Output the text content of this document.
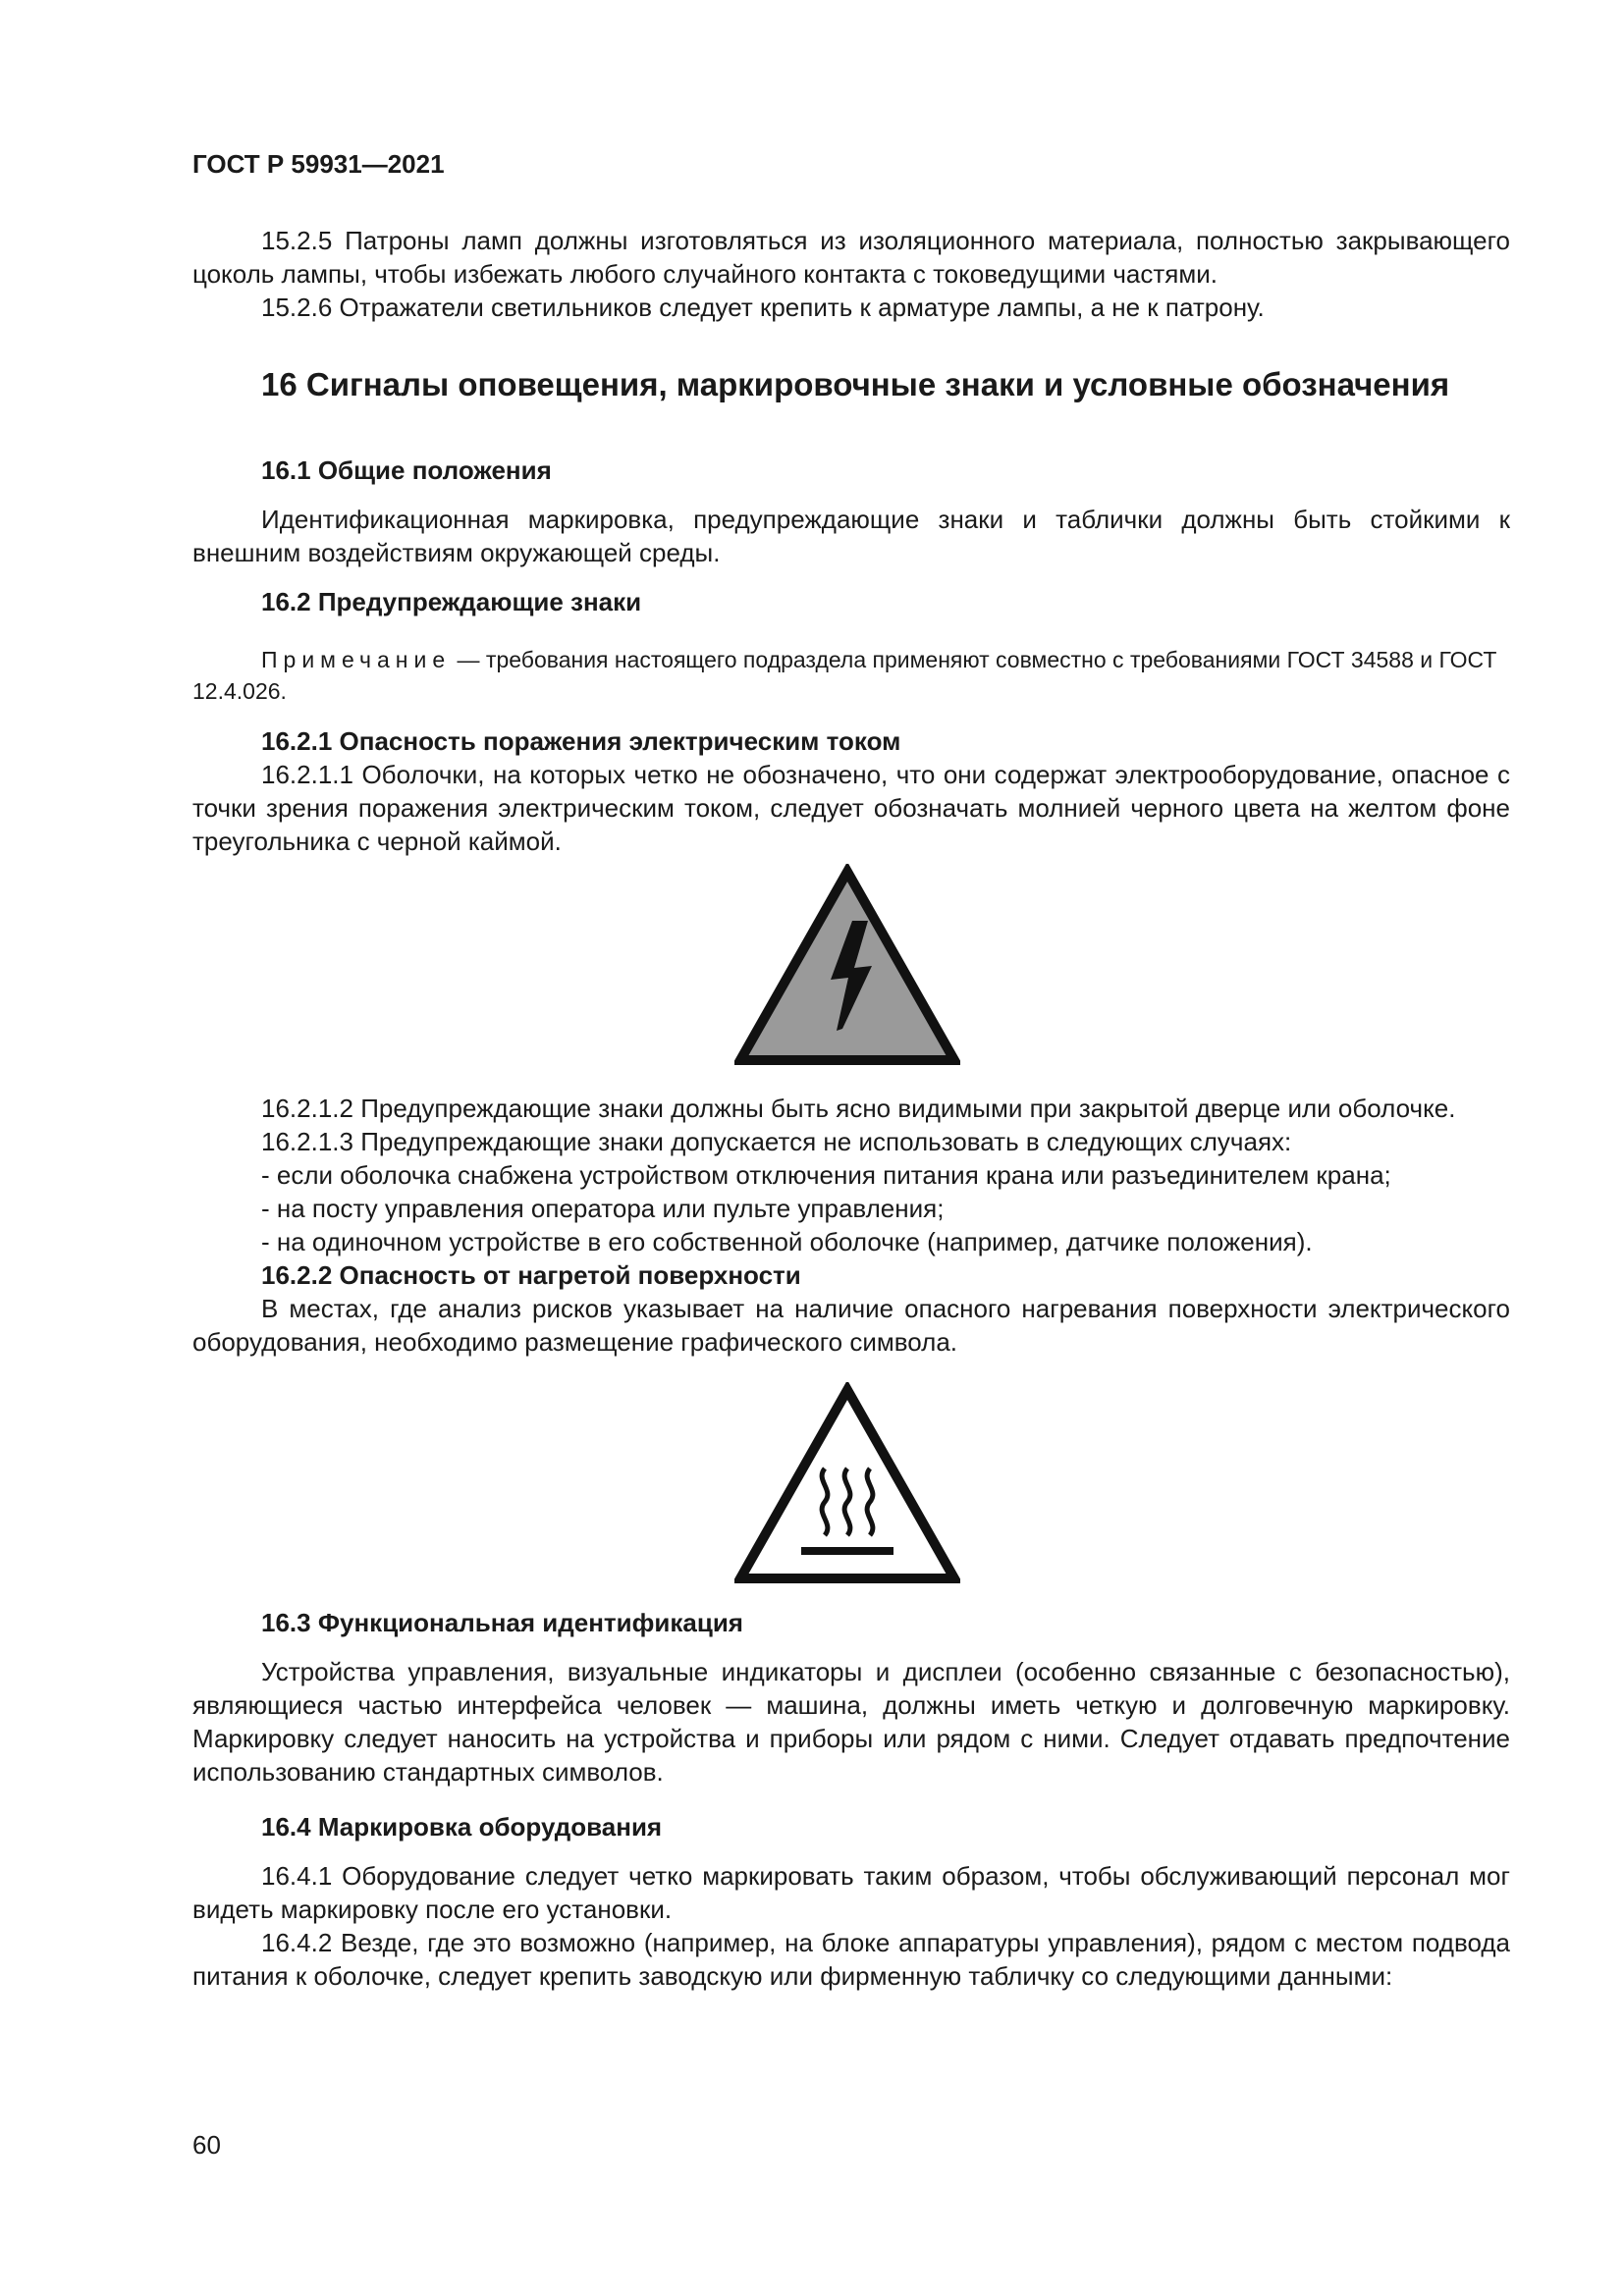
ГОСТ Р 59931—2021

15.2.5 Патроны ламп должны изготовляться из изоляционного материала, полностью закрывающего цоколь лампы, чтобы избежать любого случайного контакта с токоведущими частями.

15.2.6 Отражатели светильников следует крепить к арматуре лампы, а не к патрону.

16 Сигналы оповещения, маркировочные знаки и условные обозначения

16.1 Общие положения

Идентификационная маркировка, предупреждающие знаки и таблички должны быть стойкими к внешним воздействиям окружающей среды.

16.2 Предупреждающие знаки

Примечание — требования настоящего подраздела применяют совместно с требованиями ГОСТ 34588 и ГОСТ 12.4.026.

16.2.1 Опасность поражения электрическим током

16.2.1.1 Оболочки, на которых четко не обозначено, что они содержат электрооборудование, опасное с точки зрения поражения электрическим током, следует обозначать молнией черного цвета на желтом фоне треугольника с черной каймой.

16.2.1.2 Предупреждающие знаки должны быть ясно видимыми при закрытой дверце или оболочке.

16.2.1.3 Предупреждающие знаки допускается не использовать в следующих случаях:

- если оболочка снабжена устройством отключения питания крана или разъединителем крана;

- на посту управления оператора или пульте управления;

- на одиночном устройстве в его собственной оболочке (например, датчике положения).

16.2.2 Опасность от нагретой поверхности

В местах, где анализ рисков указывает на наличие опасного нагревания поверхности электрического оборудования, необходимо размещение графического символа.

16.3 Функциональная идентификация

Устройства управления, визуальные индикаторы и дисплеи (особенно связанные с безопасностью), являющиеся частью интерфейса человек — машина, должны иметь четкую и долговечную маркировку. Маркировку следует наносить на устройства и приборы или рядом с ними. Следует отдавать предпочтение использованию стандартных символов.

16.4 Маркировка оборудования

16.4.1 Оборудование следует четко маркировать таким образом, чтобы обслуживающий персонал мог видеть маркировку после его установки.

16.4.2 Везде, где это возможно (например, на блоке аппаратуры управления), рядом с местом подвода питания к оболочке, следует крепить заводскую или фирменную табличку со следующими данными:

60
